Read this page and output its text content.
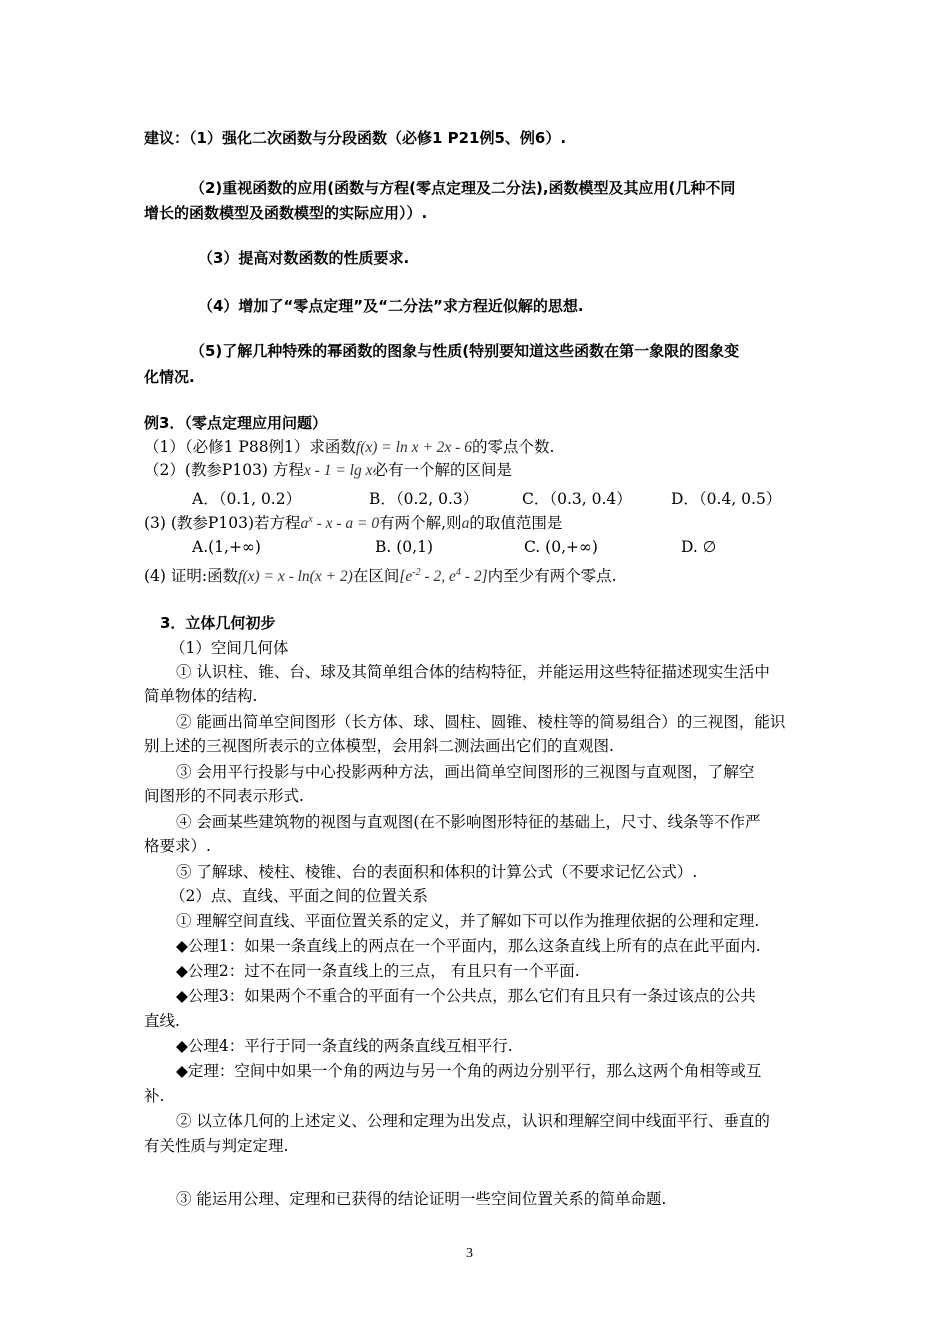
建议：（1）强化二次函数与分段函数（必修1 P21例5、例6）.
（2)重视函数的应用(函数与方程(零点定理及二分法),函数模型及其应用(几种不同
增长的函数模型及函数模型的实际应用））.
（3）提高对数函数的性质要求.
（4）增加了“零点定理”及“二分法”求方程近似解的思想.
（5)了解几种特殊的幂函数的图象与性质(特别要知道这些函数在第一象限的图象变
化情况.
例3．（零点定理应用问题）
（1）（必修1 P88例1）求函数f(x) = ln x + 2x - 6的零点个数.
（2）(教参P103) 方程x - 1 = lg x必有一个解的区间是
A．（0.1, 0.2）	B．（0.2, 0.3）	C．（0.3, 0.4）	D．（0.4, 0.5）
(3) (教参P103)若方程$a^x - x - a = 0$有两个解,则a的取值范围是
A.(1,+∞)	B. (0,1)	C. (0,+∞)	D. ∅
(4) 证明:函数f(x) = x - ln(x + 2)在区间[$e^{-2} - 2$, $e^4 - 2$]内至少有两个零点.
3．立体几何初步
（1）空间几何体
① 认识柱、锥、台、球及其简单组合体的结构特征，并能运用这些特征描述现实生活中
简单物体的结构.
② 能画出简单空间图形（长方体、球、圆柱、圆锥、棱柱等的简易组合）的三视图，能识
别上述的三视图所表示的立体模型，会用斜二测法画出它们的直观图.
③ 会用平行投影与中心投影两种方法，画出简单空间图形的三视图与直观图，了解空
间图形的不同表示形式.
④ 会画某些建筑物的视图与直观图(在不影响图形特征的基础上，尺寸、线条等不作严
格要求）.
⑤ 了解球、棱柱、棱锥、台的表面积和体积的计算公式（不要求记忆公式）.
（2）点、直线、平面之间的位置关系
① 理解空间直线、平面位置关系的定义，并了解如下可以作为推理依据的公理和定理.
◆公理1：如果一条直线上的两点在一个平面内，那么这条直线上所有的点在此平面内.
◆公理2：过不在同一条直线上的三点， 有且只有一个平面.
◆公理3：如果两个不重合的平面有一个公共点，那么它们有且只有一条过该点的公共
直线.
◆公理4：平行于同一条直线的两条直线互相平行.
◆定理：空间中如果一个角的两边与另一个角的两边分别平行，那么这两个角相等或互
补.
② 以立体几何的上述定义、公理和定理为出发点，认识和理解空间中线面平行、垂直的
有关性质与判定定理.
③ 能运用公理、定理和已获得的结论证明一些空间位置关系的简单命题.
3
